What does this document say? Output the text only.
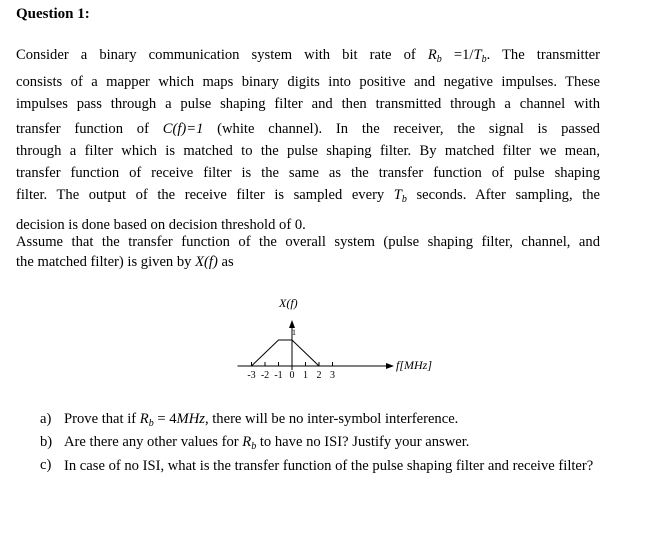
Question 1:
Consider a binary communication system with bit rate of $R_b =1/T_b$. The transmitter
consists of a mapper which maps binary digits into positive and negative impulses. These
impulses pass through a pulse shaping filter and then transmitted through a channel with
transfer function of C(f)=1 (white channel). In the receiver, the signal is passed
through a filter which is matched to the pulse shaping filter. By matched filter we mean,
transfer function of receive filter is the same as the transfer function of pulse shaping
filter. The output of the receive filter is sampled every $T_b$ seconds. After sampling, the
decision is done based on decision threshold of 0.
Assume that the transfer function of the overall system (pulse shaping filter, channel, and
the matched filter) is given by X(f) as
X(f)
f[MHz]
1
-3 -2 -1 0 1 2 3
a) Prove that if $R_b = 4MHz$, there will be no inter-symbol interference.
b) Are there any other values for $R_b$ to have no ISI? Justify your answer.
c) In case of no ISI, what is the transfer function of the pulse shaping filter and receive filter?
